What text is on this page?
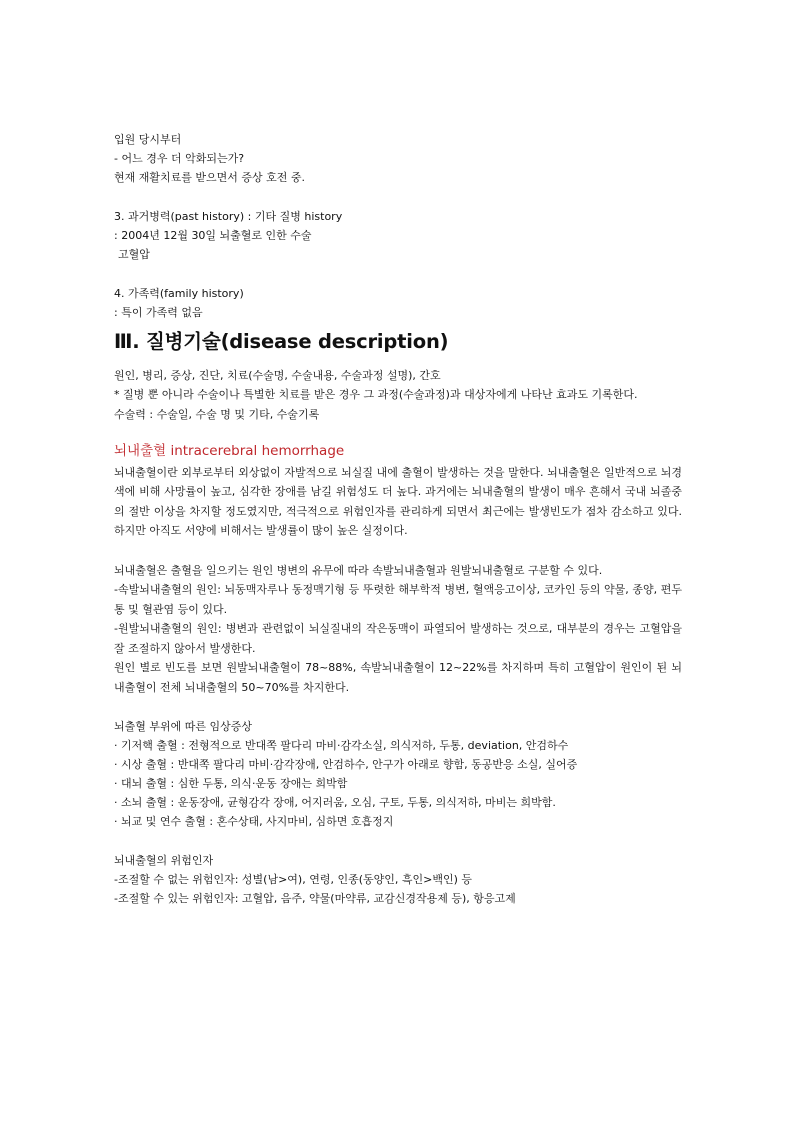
입원 당시부터
- 어느 경우 더 악화되는가?
현재 재활치료를 받으면서 증상 호전 중.
3. 과거병력(past history) : 기타 질병 history
: 2004년 12월 30일 뇌출혈로 인한 수술
고혈압
4. 가족력(family history)
: 특이 가족력 없음
Ⅲ. 질병기술(disease description)
원인, 병리, 증상, 진단, 치료(수술명, 수술내용, 수술과정 설명), 간호
* 질병 뿐 아니라 수술이나 특별한 치료를 받은 경우 그 과정(수술과정)과 대상자에게 나타난 효과도 기록한다.
수술력 : 수술일, 수술 명 및 기타, 수술기록
뇌내출혈 intracerebral hemorrhage
뇌내출혈이란 외부로부터 외상없이 자발적으로 뇌실질 내에 출혈이 발생하는 것을 말한다. 뇌내출혈은 일반적으로 뇌경색에 비해 사망률이 높고, 심각한 장애를 남길 위험성도 더 높다. 과거에는 뇌내출혈의 발생이 매우 흔해서 국내 뇌졸중의 절반 이상을 차지할 정도였지만, 적극적으로 위험인자를 관리하게 되면서 최근에는 발생빈도가 점차 감소하고 있다. 하지만 아직도 서양에 비해서는 발생률이 많이 높은 실정이다.
뇌내출혈은 출혈을 일으키는 원인 병변의 유무에 따라 속발뇌내출혈과 원발뇌내출혈로 구분할 수 있다.
-속발뇌내출혈의 원인: 뇌동맥자루나 동정맥기형 등 뚜렷한 해부학적 병변, 혈액응고이상, 코카인 등의 약물, 종양, 편두통 및 혈관염 등이 있다.
-원발뇌내출혈의 원인: 병변과 관련없이 뇌실질내의 작은동맥이 파열되어 발생하는 것으로, 대부분의 경우는 고혈압을 잘 조절하지 않아서 발생한다.
원인 별로 빈도를 보면 원발뇌내출혈이 78~88%, 속발뇌내출혈이 12~22%를 차지하며 특히 고혈압이 원인이 된 뇌내출혈이 전체 뇌내출혈의 50~70%를 차지한다.
뇌출혈 부위에 따른 임상증상
· 기저핵 출혈 : 전형적으로 반대쪽 팔다리 마비·감각소실, 의식저하, 두통, deviation, 안검하수
· 시상 출혈 : 반대쪽 팔다리 마비·감각장애, 안검하수, 안구가 아래로 향함, 동공반응 소실, 실어증
· 대뇌 출혈 : 심한 두통, 의식·운동 장애는 희박함
· 소뇌 출혈 : 운동장애, 균형감각 장애, 어지러움, 오심, 구토, 두통, 의식저하, 마비는 희박함.
· 뇌교 및 연수 출혈 : 혼수상태, 사지마비, 심하면 호흡정지
뇌내출혈의 위험인자
-조절할 수 없는 위험인자: 성별(남>여), 연령, 인종(동양인, 흑인>백인) 등
-조절할 수 있는 위험인자: 고혈압, 음주, 약물(마약류, 교감신경작용제 등), 항응고제
